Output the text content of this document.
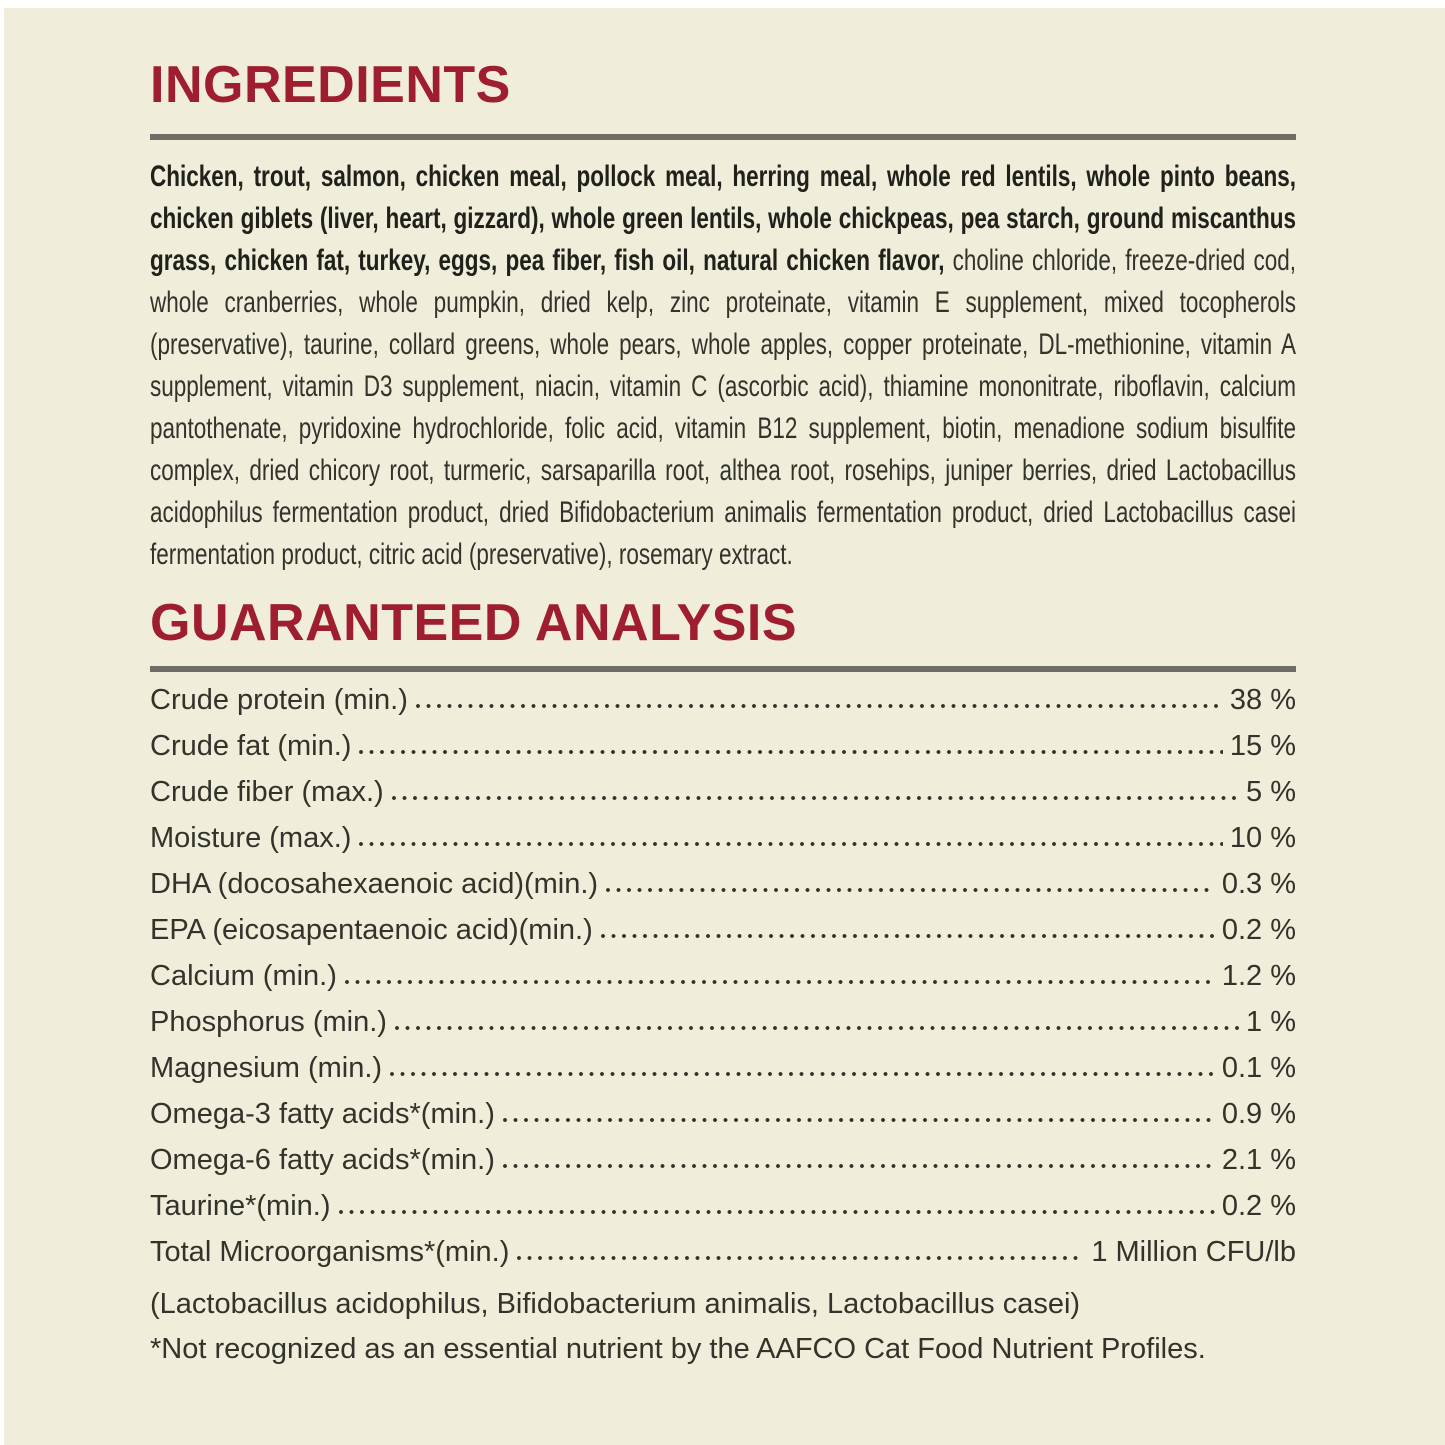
INGREDIENTS

Chicken, trout, salmon, chicken meal, pollock meal, herring meal, whole red lentils, whole pinto beans, chicken giblets (liver, heart, gizzard), whole green lentils, whole chickpeas, pea starch, ground miscanthus grass, chicken fat, turkey, eggs, pea fiber, fish oil, natural chicken flavor, choline chloride, freeze-dried cod, whole cranberries, whole pumpkin, dried kelp, zinc proteinate, vitamin E supplement, mixed tocopherols (preservative), taurine, collard greens, whole pears, whole apples, copper proteinate, DL-methionine, vitamin A supplement, vitamin D3 supplement, niacin, vitamin C (ascorbic acid), thiamine mononitrate, riboflavin, calcium pantothenate, pyridoxine hydrochloride, folic acid, vitamin B12 supplement, biotin, menadione sodium bisulfite complex, dried chicory root, turmeric, sarsaparilla root, althea root, rosehips, juniper berries, dried Lactobacillus acidophilus fermentation product, dried Bifidobacterium animalis fermentation product, dried Lactobacillus casei fermentation product, citric acid (preservative), rosemary extract.

GUARANTEED ANALYSIS
Crude protein (min.)	38 %
Crude fat (min.)	15 %
Crude fiber (max.)	5 %
Moisture (max.)	10 %
DHA (docosahexaenoic acid)(min.)	0.3 %
EPA (eicosapentaenoic acid)(min.)	0.2 %
Calcium (min.)	1.2 %
Phosphorus (min.)	1 %
Magnesium (min.)	0.1 %
Omega-3 fatty acids*(min.)	0.9 %
Omega-6 fatty acids*(min.)	2.1 %
Taurine*(min.)	0.2 %
Total Microorganisms*(min.)	1 Million CFU/lb
(Lactobacillus acidophilus, Bifidobacterium animalis, Lactobacillus casei)
*Not recognized as an essential nutrient by the AAFCO Cat Food Nutrient Profiles.
